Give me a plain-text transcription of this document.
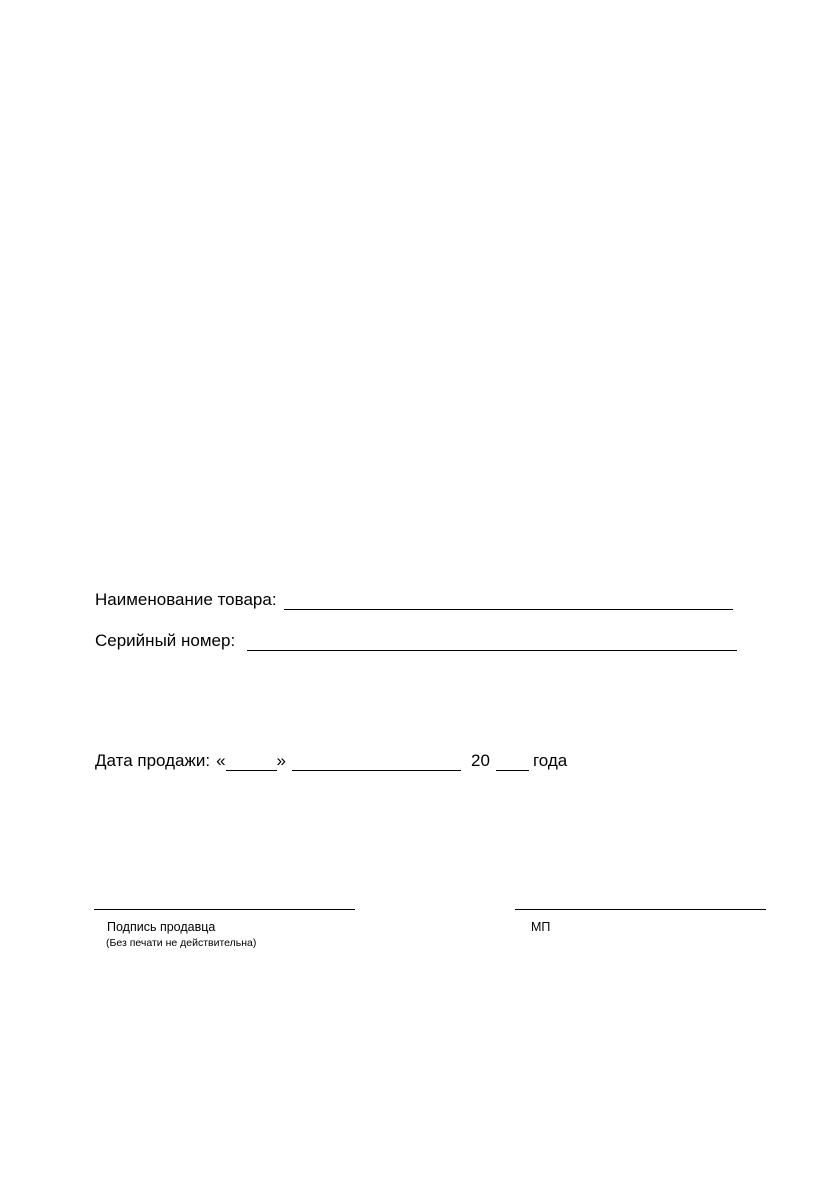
Наименование товара:
Серийный номер:
Дата продажи: «	»	20	года
Подпись продавца
(Без печати не действительна)
МП
